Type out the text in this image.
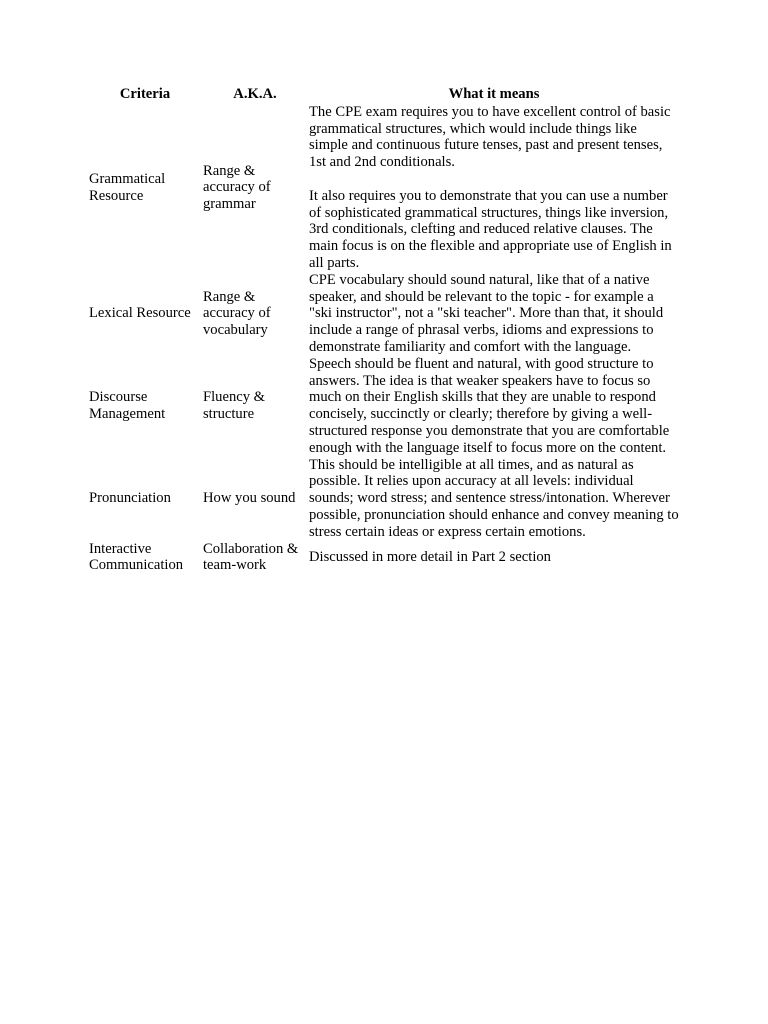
Criteria	A.K.A.	What it means
Grammatical Resource	Range & accuracy of grammar	The CPE exam requires you to have excellent control of basic grammatical structures, which would include things like simple and continuous future tenses, past and present tenses, 1st and 2nd conditionals.
It also requires you to demonstrate that you can use a number of sophisticated grammatical structures, things like inversion, 3rd conditionals, clefting and reduced relative clauses. The main focus is on the flexible and appropriate use of English in all parts.

Lexical Resource	Range & accuracy of vocabulary	CPE vocabulary should sound natural, like that of a native speaker, and should be relevant to the topic - for example a "ski instructor", not a "ski teacher". More than that, it should include a range of phrasal verbs, idioms and expressions to demonstrate familiarity and comfort with the language.

Discourse Management	Fluency & structure	Speech should be fluent and natural, with good structure to answers. The idea is that weaker speakers have to focus so much on their English skills that they are unable to respond concisely, succinctly or clearly; therefore by giving a well-structured response you demonstrate that you are comfortable enough with the language itself to focus more on the content.

Pronunciation	How you sound	This should be intelligible at all times, and as natural as possible. It relies upon accuracy at all levels: individual sounds; word stress; and sentence stress/intonation. Wherever possible, pronunciation should enhance and convey meaning to stress certain ideas or express certain emotions.

Interactive Communication	Collaboration & team-work	Discussed in more detail in Part 2 section
